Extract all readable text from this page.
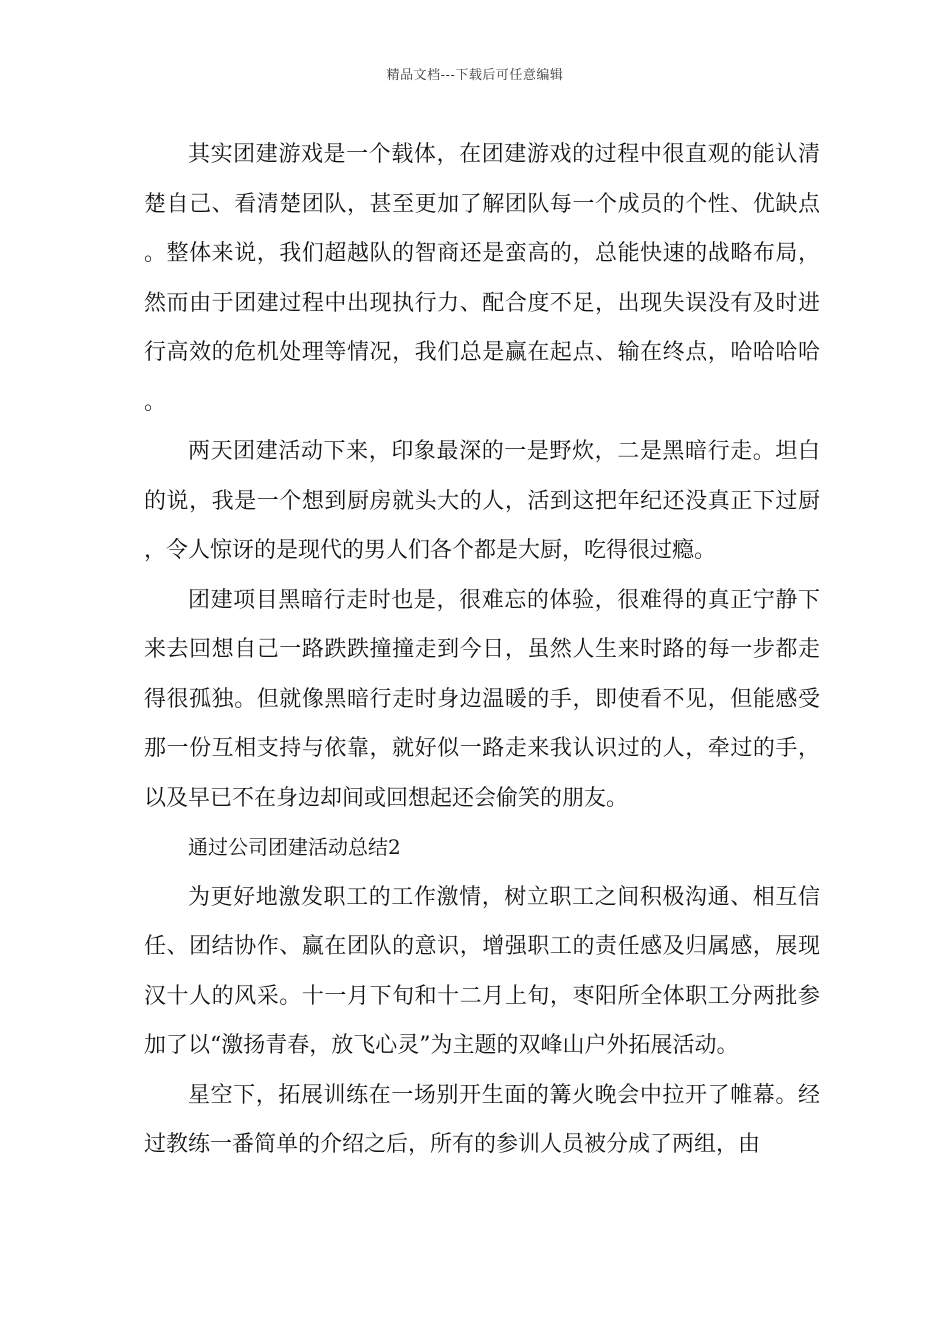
精品文档---下载后可任意编辑

其实团建游戏是一个载体，在团建游戏的过程中很直观的能认清楚自己、看清楚团队，甚至更加了解团队每一个成员的个性、优缺点。整体来说，我们超越队的智商还是蛮高的，总能快速的战略布局，然而由于团建过程中出现执行力、配合度不足，出现失误没有及时进行高效的危机处理等情况，我们总是赢在起点、输在终点，哈哈哈哈。

两天团建活动下来，印象最深的一是野炊，二是黑暗行走。坦白的说，我是一个想到厨房就头大的人，活到这把年纪还没真正下过厨，令人惊讶的是现代的男人们各个都是大厨，吃得很过瘾。

团建项目黑暗行走时也是，很难忘的体验，很难得的真正宁静下来去回想自己一路跌跌撞撞走到今日，虽然人生来时路的每一步都走得很孤独。但就像黑暗行走时身边温暖的手，即使看不见，但能感受那一份互相支持与依靠，就好似一路走来我认识过的人，牵过的手，以及早已不在身边却间或回想起还会偷笑的朋友。

通过公司团建活动总结2

为更好地激发职工的工作激情，树立职工之间积极沟通、相互信任、团结协作、赢在团队的意识，增强职工的责任感及归属感，展现汉十人的风采。十一月下旬和十二月上旬，枣阳所全体职工分两批参加了以“激扬青春，放飞心灵”为主题的双峰山户外拓展活动。

星空下，拓展训练在一场别开生面的篝火晚会中拉开了帷幕。经过教练一番简单的介绍之后，所有的参训人员被分成了两组，由
